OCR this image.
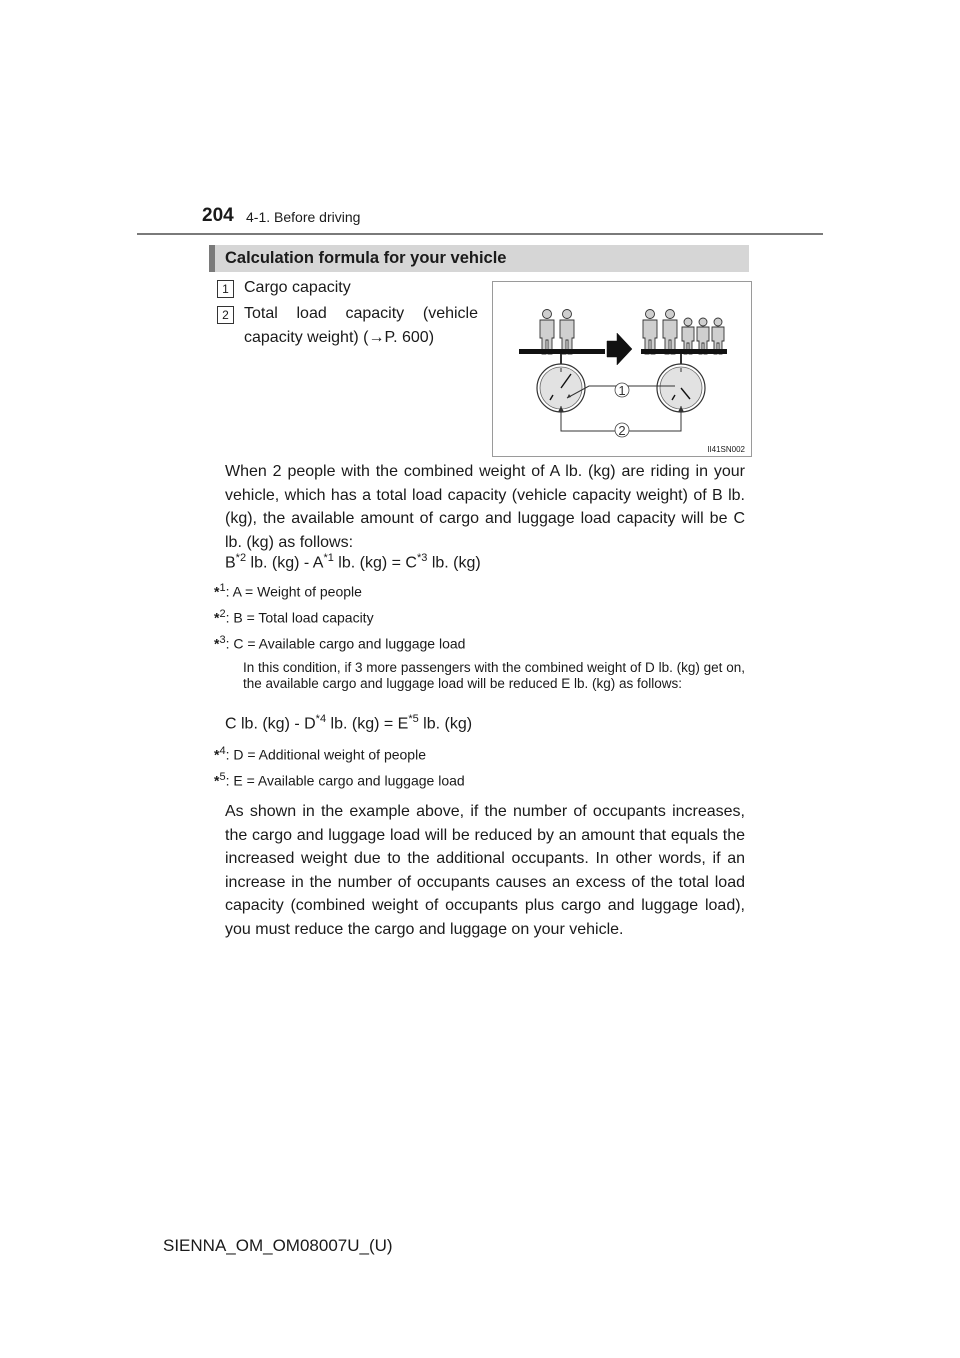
204 4-1. Before driving
Calculation formula for your vehicle
1 Cargo capacity
2 Total load capacity (vehicle
capacity weight) (→P. 600)
1
2
II41SN002
When 2 people with the combined weight of A lb. (kg) are riding in your vehicle, which has a total load capacity (vehicle capacity weight) of B lb. (kg), the available amount of cargo and luggage load capacity will be C lb. (kg) as follows:
$B^{*2}$ lb. $(kg) - A^{*1}$ lb. $(kg) = C^{*3}$ lb. (kg)
*$^1$: A = Weight of people
*$^2$: B = Total load capacity
*$^3$: C = Available cargo and luggage load
In this condition, if 3 more passengers with the combined weight of D lb. (kg) get on, the available cargo and luggage load will be reduced E lb. (kg) as follows:
C lb. $(kg) - D^{*4}$ lb. $(kg) = E^{*5}$ lb. (kg)
*$^4$: D = Additional weight of people
*$^5$: E = Available cargo and luggage load
As shown in the example above, if the number of occupants increases, the cargo and luggage load will be reduced by an amount that equals the increased weight due to the additional occupants. In other words, if an increase in the number of occupants causes an excess of the total load capacity (combined weight of occupants plus cargo and luggage load), you must reduce the cargo and luggage on your vehicle.
SIENNA_OM_OM08007U_(U)
